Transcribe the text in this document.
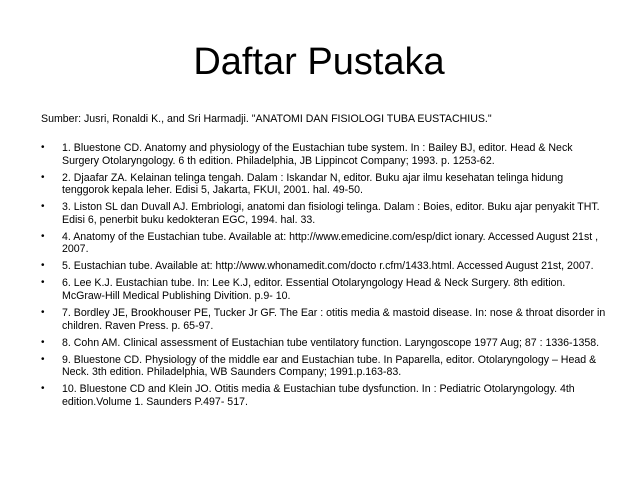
Daftar Pustaka
Sumber: Jusri, Ronaldi K., and Sri Harmadji. "ANATOMI DAN FISIOLOGI TUBA EUSTACHIUS."
• 1. Bluestone CD. Anatomy and physiology of the Eustachian tube system. In : Bailey BJ, editor. Head & Neck Surgery Otolaryngology. 6 th edition. Philadelphia, JB Lippincot Company; 1993. p. 1253-62.
• 2. Djaafar ZA. Kelainan telinga tengah. Dalam : Iskandar N, editor. Buku ajar ilmu kesehatan telinga hidung tenggorok kepala leher. Edisi 5, Jakarta, FKUI, 2001. hal. 49-50.
• 3. Liston SL dan Duvall AJ. Embriologi, anatomi dan fisiologi telinga. Dalam : Boies, editor. Buku ajar penyakit THT. Edisi 6, penerbit buku kedokteran EGC, 1994. hal. 33.
• 4. Anatomy of the Eustachian tube. Available at: http://www.emedicine.com/esp/dict ionary. Accessed August 21st , 2007.
• 5. Eustachian tube. Available at: http://www.whonamedit.com/docto r.cfm/1433.html. Accessed August 21st, 2007.
• 6. Lee K.J. Eustachian tube. In: Lee K.J, editor. Essential Otolaryngology Head & Neck Surgery. 8th edition. McGraw-Hill Medical Publishing Divition. p.9- 10.
• 7. Bordley JE, Brookhouser PE, Tucker Jr GF. The Ear : otitis media & mastoid disease. In: nose & throat disorder in children. Raven Press. p. 65-97.
• 8. Cohn AM. Clinical assessment of Eustachian tube ventilatory function. Laryngoscope 1977 Aug; 87 : 1336-1358.
• 9. Bluestone CD. Physiology of the middle ear and Eustachian tube. In Paparella, editor. Otolaryngology – Head & Neck. 3th edition. Philadelphia, WB Saunders Company; 1991.p.163-83.
• 10. Bluestone CD and Klein JO. Otitis media & Eustachian tube dysfunction. In : Pediatric Otolaryngology. 4th edition.Volume 1. Saunders P.497- 517.
